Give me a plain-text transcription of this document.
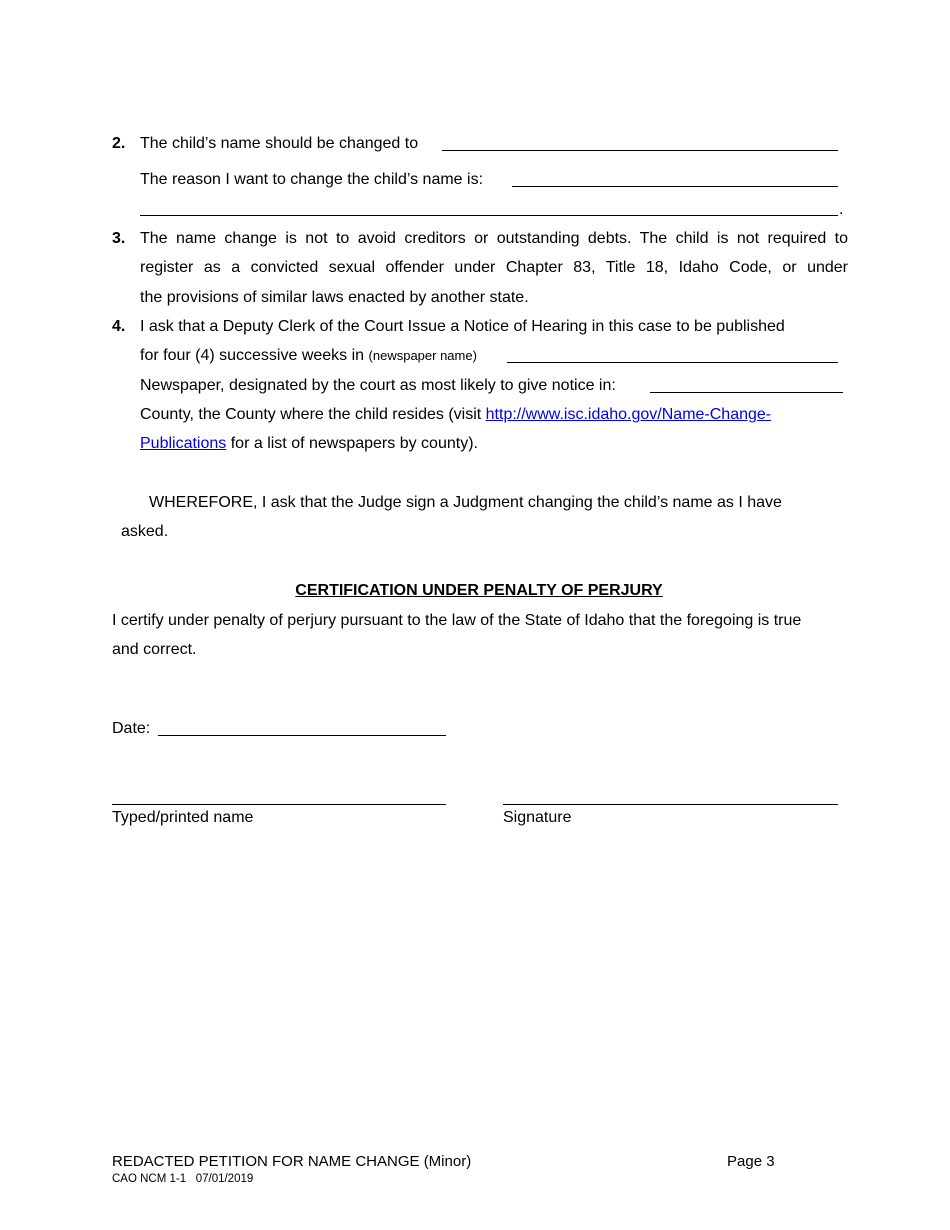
2. The child’s name should be changed to
The reason I want to change the child’s name is:
.
3. The name change is not to avoid creditors or outstanding debts. The child is not required to
register as a convicted sexual offender under Chapter 83, Title 18, Idaho Code, or under
the provisions of similar laws enacted by another state.
4. I ask that a Deputy Clerk of the Court Issue a Notice of Hearing in this case to be published
for four (4) successive weeks in (newspaper name)
Newspaper, designated by the court as most likely to give notice in:
County, the County where the child resides (visit http://www.isc.idaho.gov/Name-Change-
Publications for a list of newspapers by county).
WHEREFORE, I ask that the Judge sign a Judgment changing the child’s name as I have
asked.
CERTIFICATION UNDER PENALTY OF PERJURY
I certify under penalty of perjury pursuant to the law of the State of Idaho that the foregoing is true
and correct.
Date:
Typed/printed name	Signature
REDACTED PETITION FOR NAME CHANGE (Minor)	Page 3
CAO NCM 1-1   07/01/2019
